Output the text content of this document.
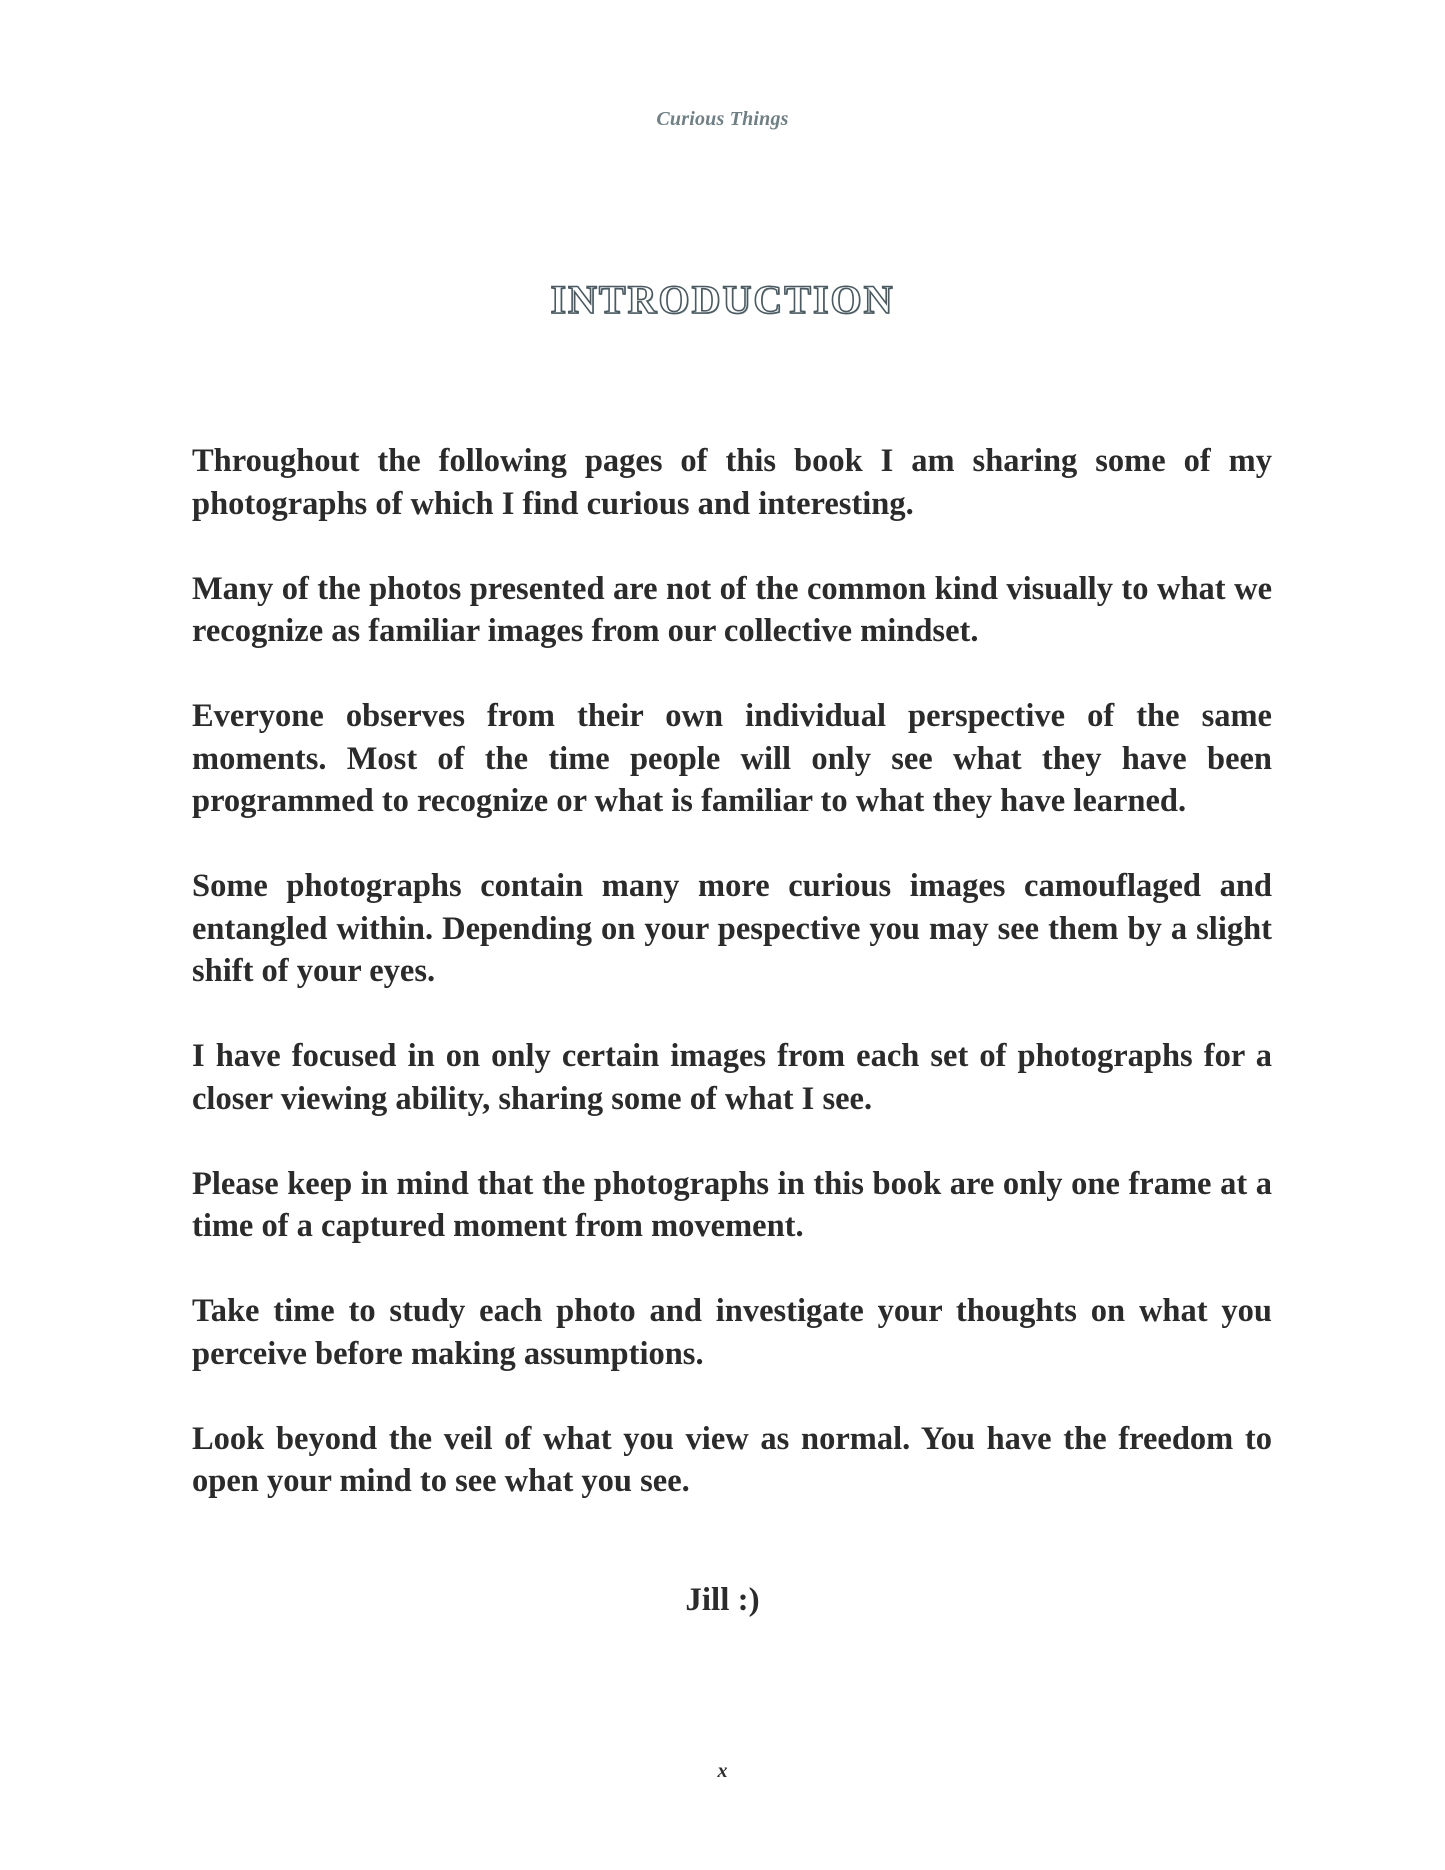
Curious Things
INTRODUCTION

Throughout the following pages of this book I am sharing some of my photographs of which I find curious and interesting.

Many of the photos presented are not of the common kind visually to what we recognize as familiar images from our collective mindset.

Everyone observes from their own individual perspective of the same moments. Most of the time people will only see what they have been programmed to recognize or what is familiar to what they have learned.

Some photographs contain many more curious images camouflaged and entangled within. Depending on your pespective you may see them by a slight shift of your eyes.

I have focused in on only certain images from each set of photographs for a closer viewing ability, sharing some of what I see.

Please keep in mind that the photographs in this book are only one frame at a time of a captured moment from movement.

Take time to study each photo and investigate your thoughts on what you perceive before making assumptions.

Look beyond the veil of what you view as normal. You have the freedom to open your mind to see what you see.

Jill :)
x
